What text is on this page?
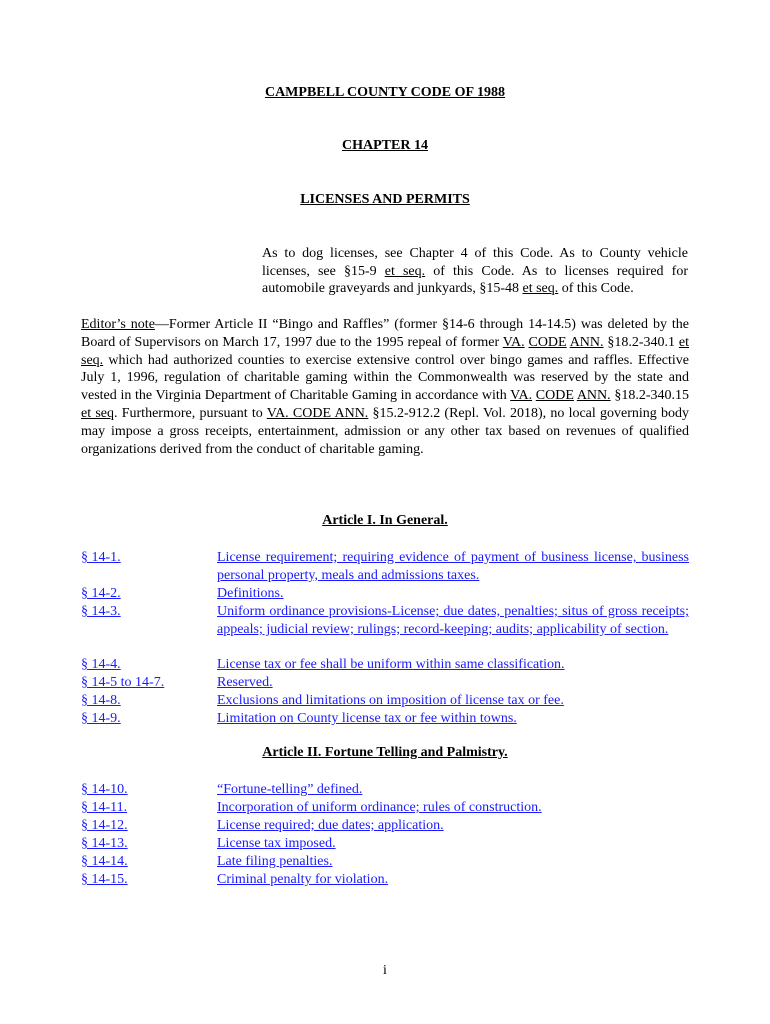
CAMPBELL COUNTY CODE OF 1988
CHAPTER 14
LICENSES AND PERMITS
As to dog licenses, see Chapter 4 of this Code. As to County vehicle licenses, see §15-9 et seq. of this Code. As to licenses required for automobile graveyards and junkyards, §15-48 et seq. of this Code.
Editor’s note—Former Article II “Bingo and Raffles” (former §14-6 through 14-14.5) was deleted by the Board of Supervisors on March 17, 1997 due to the 1995 repeal of former VA. CODE ANN. §18.2-340.1 et seq. which had authorized counties to exercise extensive control over bingo games and raffles. Effective July 1, 1996, regulation of charitable gaming within the Commonwealth was reserved by the state and vested in the Virginia Department of Charitable Gaming in accordance with VA. CODE ANN. §18.2-340.15 et seq. Furthermore, pursuant to VA. CODE ANN. §15.2-912.2 (Repl. Vol. 2018), no local governing body may impose a gross receipts, entertainment, admission or any other tax based on revenues of qualified organizations derived from the conduct of charitable gaming.
Article I. In General.
§ 14-1.	License requirement; requiring evidence of payment of business license, business personal property, meals and admissions taxes.
§ 14-2.	Definitions.
§ 14-3.	Uniform ordinance provisions-License; due dates, penalties; situs of gross receipts; appeals; judicial review; rulings; record-keeping; audits; applicability of section.
§ 14-4.	License tax or fee shall be uniform within same classification.
§ 14-5 to 14-7.	Reserved.
§ 14-8.	Exclusions and limitations on imposition of license tax or fee.
§ 14-9.	Limitation on County license tax or fee within towns.
Article II. Fortune Telling and Palmistry.
§ 14-10.	“Fortune-telling” defined.
§ 14-11.	Incorporation of uniform ordinance; rules of construction.
§ 14-12.	License required; due dates; application.
§ 14-13.	License tax imposed.
§ 14-14.	Late filing penalties.
§ 14-15.	Criminal penalty for violation.
i
